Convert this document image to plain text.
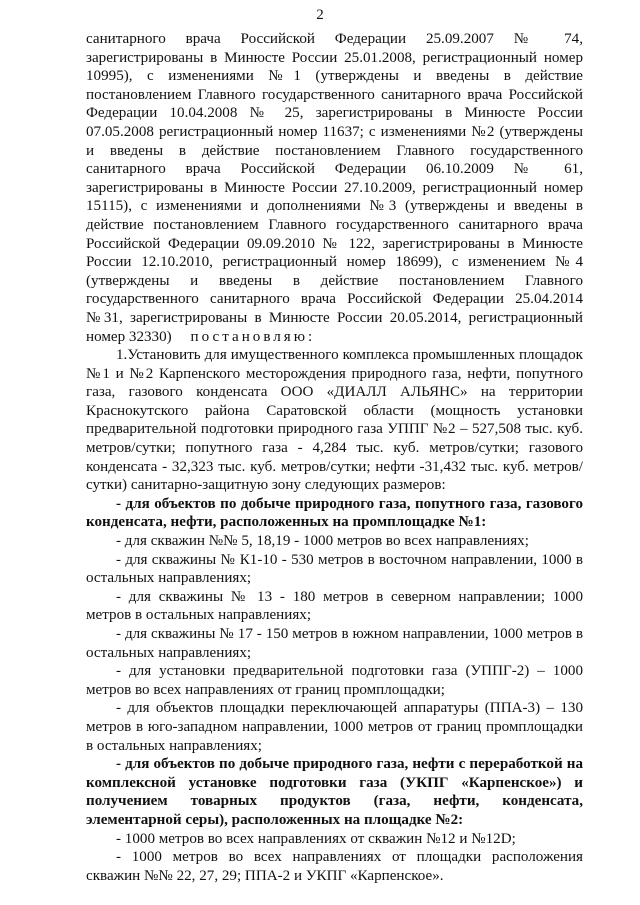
2

санитарного врача Российской Федерации 25.09.2007 № 74, зарегистрированы в Минюсте России 25.01.2008, регистрационный номер 10995), с изменениями №1 (утверждены и введены в действие постановлением Главного государственного санитарного врача Российской Федерации 10.04.2008 № 25, зарегистрированы в Минюсте России 07.05.2008 регистрационный номер 11637; с изменениями №2 (утверждены и введены в действие постановлением Главного государственного санитарного врача Российской Федерации 06.10.2009 № 61, зарегистрированы в Минюсте России 27.10.2009, регистрационный номер 15115), с изменениями и дополнениями №3 (утверждены и введены в действие постановлением Главного государственного санитарного врача Российской Федерации 09.09.2010 № 122, зарегистрированы в Минюсте России 12.10.2010, регистрационный номер 18699), с изменением №4 (утверждены и введены в действие постановлением Главного государственного санитарного врача Российской Федерации 25.04.2014 №31, зарегистрированы в Минюсте России 20.05.2014, регистрационный номер 32330) постановляю:

1.Установить для имущественного комплекса промышленных площадок №1 и №2 Карпенского месторождения природного газа, нефти, попутного газа, газового конденсата ООО «ДИАЛЛ АЛЬЯНС» на территории Краснокутского района Саратовской области (мощность установки предварительной подготовки природного газа УППГ №2 – 527,508 тыс. куб. метров/сутки; попутного газа - 4,284 тыс. куб. метров/сутки; газового конденсата - 32,323 тыс. куб. метров/сутки; нефти -31,432 тыс. куб. метров/сутки) санитарно-защитную зону следующих размеров:

- для объектов по добыче природного газа, попутного газа, газового конденсата, нефти, расположенных на промплощадке №1:

- для скважин №№ 5, 18,19 - 1000 метров во всех направлениях;

- для скважины № К1-10 - 530 метров в восточном направлении, 1000 в остальных направлениях;

- для скважины № 13 - 180 метров в северном направлении; 1000 метров в остальных направлениях;

- для скважины № 17 - 150 метров в южном направлении, 1000 метров в остальных направлениях;

- для установки предварительной подготовки газа (УППГ-2) – 1000 метров во всех направлениях от границ промплощадки;

- для объектов площадки переключающей аппаратуры (ППА-3) – 130 метров в юго-западном направлении, 1000 метров от границ промплощадки в остальных направлениях;

- для объектов по добыче природного газа, нефти с переработкой на комплексной установке подготовки газа (УКПГ «Карпенское») и получением товарных продуктов (газа, нефти, конденсата, элементарной серы), расположенных на площадке №2:

- 1000 метров во всех направлениях от скважин №12 и №12D;

- 1000 метров во всех направлениях от площадки расположения скважин №№ 22, 27, 29; ППА-2 и УКПГ «Карпенское».
